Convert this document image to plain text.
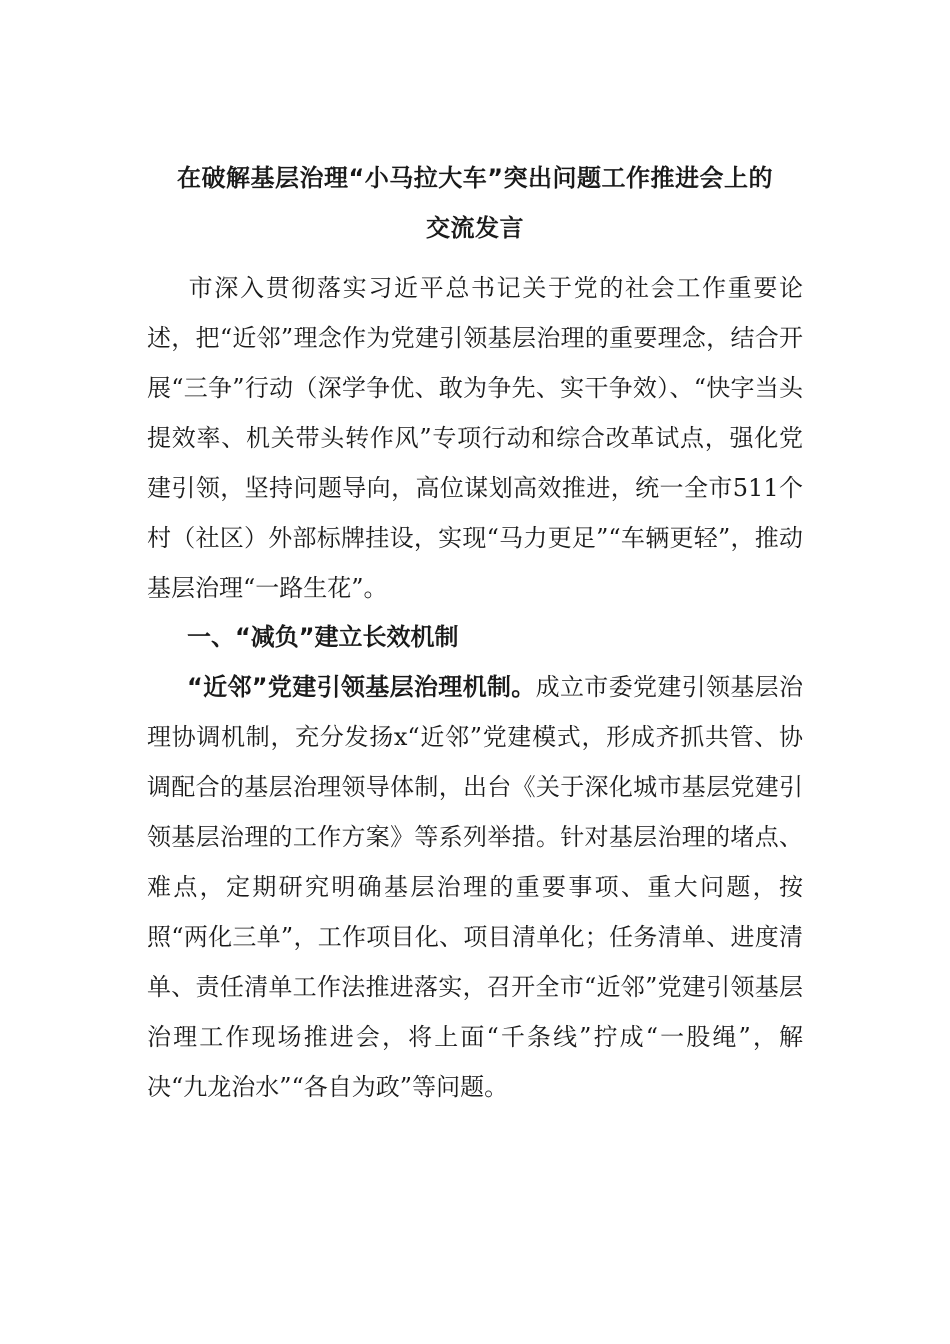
在破解基层治理“小马拉大车”突出问题工作推进会上的
交流发言

市深入贯彻落实习近平总书记关于党的社会工作重要论述，把“近邻”理念作为党建引领基层治理的重要理念，结合开展“三争”行动（深学争优、敢为争先、实干争效）、“快字当头提效率、机关带头转作风”专项行动和综合改革试点，强化党建引领，坚持问题导向，高位谋划高效推进，统一全市511个村（社区）外部标牌挂设，实现“马力更足”“车辆更轻”，推动基层治理“一路生花”。

一、“减负”建立长效机制

“近邻”党建引领基层治理机制。成立市委党建引领基层治理协调机制，充分发扬x“近邻”党建模式，形成齐抓共管、协调配合的基层治理领导体制，出台《关于深化城市基层党建引领基层治理的工作方案》等系列举措。针对基层治理的堵点、难点，定期研究明确基层治理的重要事项、重大问题，按照“两化三单”，工作项目化、项目清单化；任务清单、进度清单、责任清单工作法推进落实，召开全市“近邻”党建引领基层治理工作现场推进会，将上面“千条线”拧成“一股绳”，解决“九龙治水”“各自为政”等问题。
